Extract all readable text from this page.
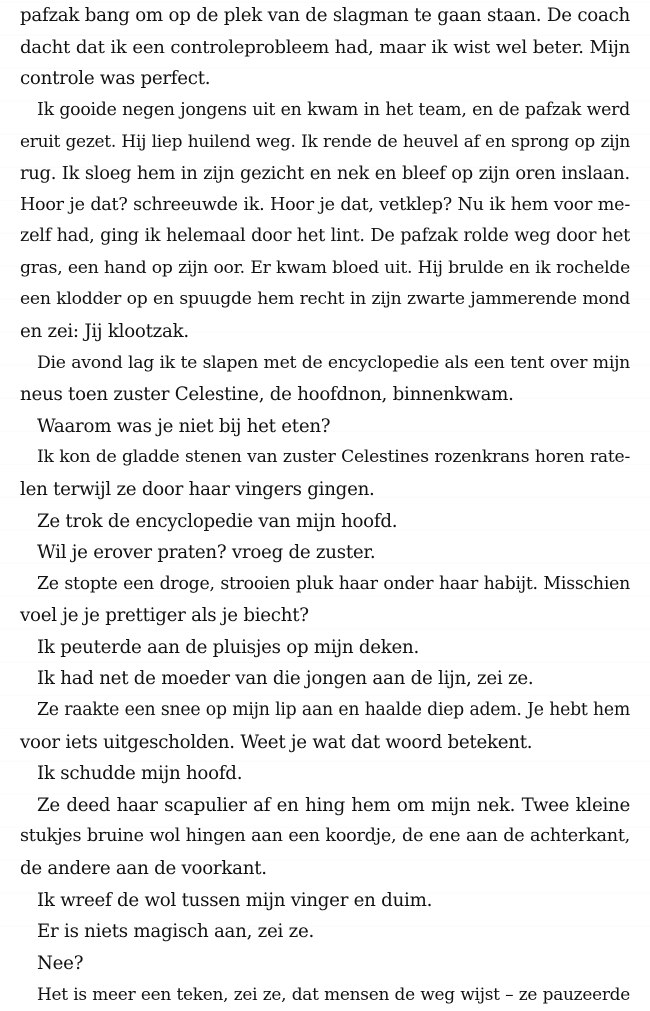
pafzak bang om op de plek van de slagman te gaan staan. De coach
dacht dat ik een controleprobleem had, maar ik wist wel beter. Mijn
controle was perfect.
Ik gooide negen jongens uit en kwam in het team, en de pafzak werd
eruit gezet. Hij liep huilend weg. Ik rende de heuvel af en sprong op zijn
rug. Ik sloeg hem in zijn gezicht en nek en bleef op zijn oren inslaan.
Hoor je dat? schreeuwde ik. Hoor je dat, vetklep? Nu ik hem voor me-
zelf had, ging ik helemaal door het lint. De pafzak rolde weg door het
gras, een hand op zijn oor. Er kwam bloed uit. Hij brulde en ik rochelde
een klodder op en spuugde hem recht in zijn zwarte jammerende mond
en zei: Jij klootzak.
Die avond lag ik te slapen met de encyclopedie als een tent over mijn
neus toen zuster Celestine, de hoofdnon, binnenkwam.
Waarom was je niet bij het eten?
Ik kon de gladde stenen van zuster Celestines rozenkrans horen rate-
len terwijl ze door haar vingers gingen.
Ze trok de encyclopedie van mijn hoofd.
Wil je erover praten? vroeg de zuster.
Ze stopte een droge, strooien pluk haar onder haar habijt. Misschien
voel je je prettiger als je biecht?
Ik peuterde aan de pluisjes op mijn deken.
Ik had net de moeder van die jongen aan de lijn, zei ze.
Ze raakte een snee op mijn lip aan en haalde diep adem. Je hebt hem
voor iets uitgescholden. Weet je wat dat woord betekent.
Ik schudde mijn hoofd.
Ze deed haar scapulier af en hing hem om mijn nek. Twee kleine
stukjes bruine wol hingen aan een koordje, de ene aan de achterkant,
de andere aan de voorkant.
Ik wreef de wol tussen mijn vinger en duim.
Er is niets magisch aan, zei ze.
Nee?
Het is meer een teken, zei ze, dat mensen de weg wijst – ze pauzeerde
